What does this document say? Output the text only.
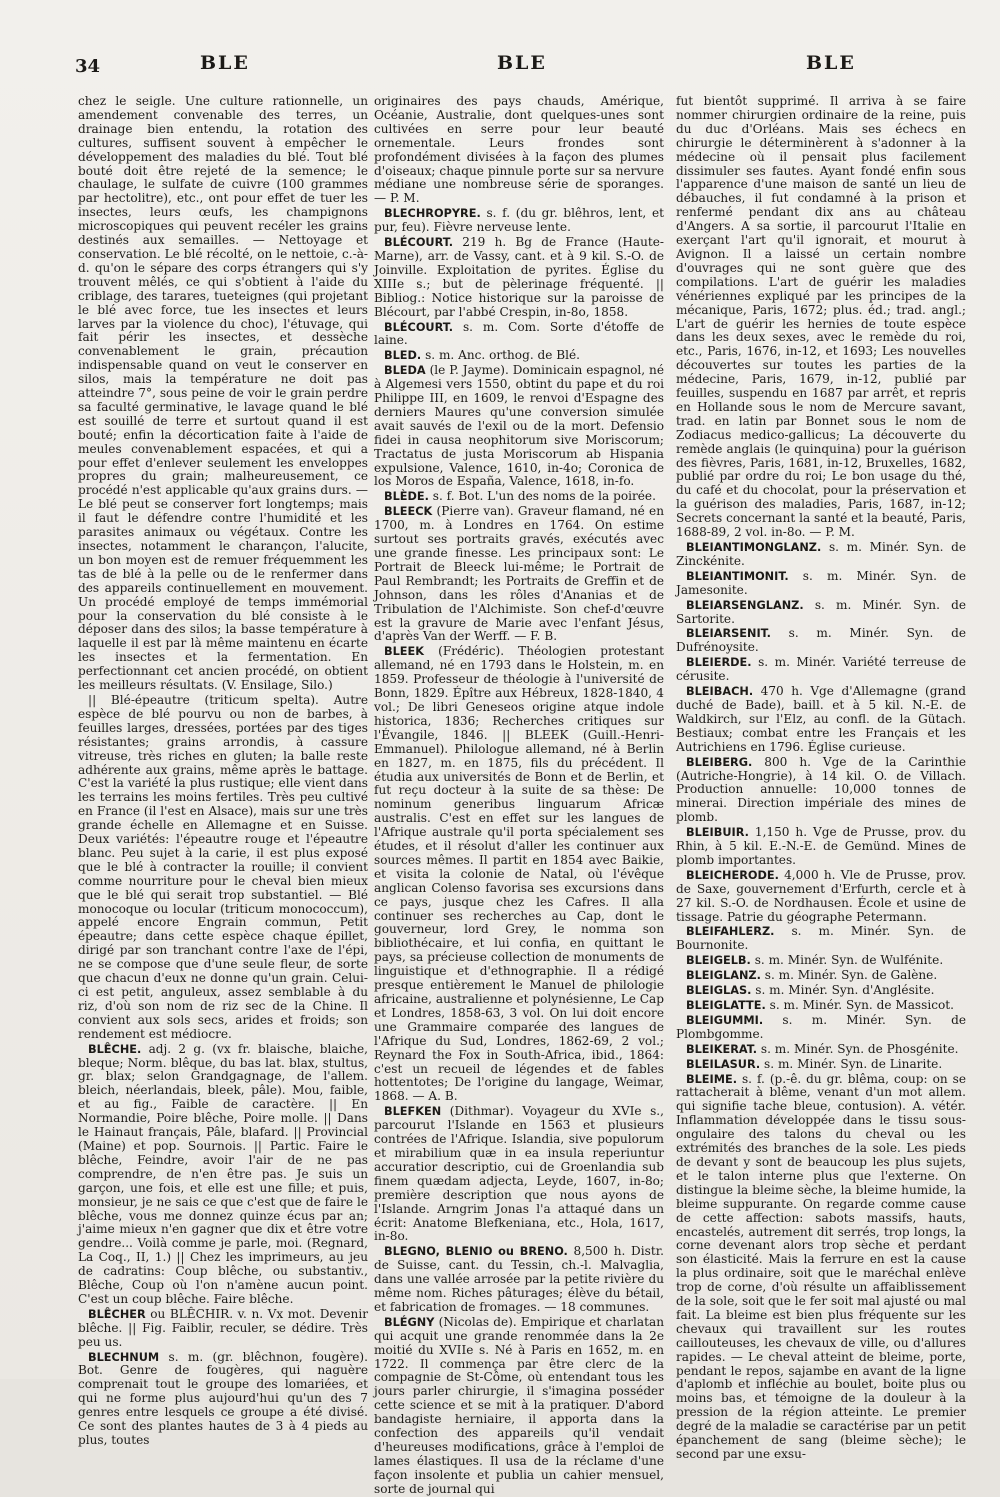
34	BLE	BLE	BLE

chez le seigle. Une culture rationnelle, un amendement convenable des terres, un drainage bien entendu, la rotation des cultures, suffisent souvent à empêcher le développement des maladies du blé. Tout blé bouté doit être rejeté de la semence; le chaulage, le sulfate de cuivre (100 grammes par hectolitre), etc., ont pour effet de tuer les insectes, leurs œufs, les champignons microscopiques qui peuvent recéler les grains destinés aux semailles. — Nettoyage et conservation. Le blé récolté, on le nettoie, c.-à-d. qu'on le sépare des corps étrangers qui s'y trouvent mêlés, ce qui s'obtient à l'aide du criblage, des tarares, tueteignes (qui projetant le blé avec force, tue les insectes et leurs larves par la violence du choc), l'étuvage, qui fait périr les insectes, et dessèche convenablement le grain, précaution indispensable quand on veut le conserver en silos, mais la température ne doit pas atteindre 7°, sous peine de voir le grain perdre sa faculté germinative, le lavage quand le blé est souillé de terre et surtout quand il est bouté; enfin la décortication faite à l'aide de meules convenablement espacées, et qui a pour effet d'enlever seulement les enveloppes propres du grain; malheureusement, ce procédé n'est applicable qu'aux grains durs. — Le blé peut se conserver fort longtemps; mais il faut le défendre contre l'humidité et les parasites animaux ou végétaux. Contre les insectes, notamment le charançon, l'alucite, un bon moyen est de remuer fréquemment les tas de blé à la pelle ou de le renfermer dans des appareils continuellement en mouvement. Un procédé employé de temps immémorial pour la conservation du blé consiste à le déposer dans des silos; la basse température à laquelle il est par là même maintenu en écarte les insectes et la fermentation. En perfectionnant cet ancien procédé, on obtient les meilleurs résultats. (V. Ensilage, Silo.)

|| Blé-épeautre (triticum spelta). Autre espèce de blé pourvu ou non de barbes, à feuilles larges, dressées, portées par des tiges résistantes; grains arrondis, à cassure vitreuse, très riches en gluten; la balle reste adhérente aux grains, même après le battage. C'est la variété la plus rustique; elle vient dans les terrains les moins fertiles. Très peu cultivé en France (il l'est en Alsace), mais sur une très grande échelle en Allemagne et en Suisse. Deux variétés: l'épeautre rouge et l'épeautre blanc. Peu sujet à la carie, il est plus exposé que le blé à contracter la rouille; il convient comme nourriture pour le cheval bien mieux que le blé qui serait trop substantiel. — Blé monocoque ou locular (triticum monococcum), appelé encore Engrain commun, Petit épeautre; dans cette espèce chaque épillet, dirigé par son tranchant contre l'axe de l'épi, ne se compose que d'une seule fleur, de sorte que chacun d'eux ne donne qu'un grain. Celui-ci est petit, anguleux, assez semblable à du riz, d'où son nom de riz sec de la Chine. Il convient aux sols secs, arides et froids; son rendement est médiocre.

BLÊCHE. adj. 2 g. (vx fr. blaische, blaiche, bleque; Norm. blêque, du bas lat. blax, stultus, gr. blax; selon Grandgagnage, de l'allem. bleich, néerlandais, bleek, pâle). Mou, faible, et au fig., Faible de caractère. || En Normandie, Poire blêche, Poire molle. || Dans le Hainaut français, Pâle, blafard. || Provincial (Maine) et pop. Sournois. || Partic. Faire le blêche, Feindre, avoir l'air de ne pas comprendre, de n'en être pas. Je suis un garçon, une fois, et elle est une fille; et puis, monsieur, je ne sais ce que c'est que de faire le blêche, vous me donnez quinze écus par an; j'aime mieux n'en gagner que dix et être votre gendre... Voilà comme je parle, moi. (Regnard, La Coq., II, 1.) || Chez les imprimeurs, au jeu de cadratins: Coup blêche, ou substantiv., Blêche, Coup où l'on n'amène aucun point. C'est un coup blêche. Faire blêche.

BLÊCHER ou BLÊCHIR. v. n. Vx mot. Devenir blêche. || Fig. Faiblir, reculer, se dédire. Très peu us.

BLECHNUM s. m. (gr. blêchnon, fougère). Bot. Genre de fougères, qui naguère comprenait tout le groupe des lomariées, et qui ne forme plus aujourd'hui qu'un des 7 genres entre lesquels ce groupe a été divisé. Ce sont des plantes hautes de 3 à 4 pieds au plus, toutes

originaires des pays chauds, Amérique, Océanie, Australie, dont quelques-unes sont cultivées en serre pour leur beauté ornementale. Leurs frondes sont profondément divisées à la façon des plumes d'oiseaux; chaque pinnule porte sur sa nervure médiane une nombreuse série de sporanges. — P. M.

BLECHROPYRE. s. f. (du gr. blêhros, lent, et pur, feu). Fièvre nerveuse lente.

BLÉCOURT. 219 h. Bg de France (Haute-Marne), arr. de Vassy, cant. et à 9 kil. S.-O. de Joinville. Exploitation de pyrites. Église du XIIIe s.; but de pèlerinage fréquenté. || Bibliog.: Notice historique sur la paroisse de Blécourt, par l'abbé Crespin, in-8o, 1858.

BLÉCOURT. s. m. Com. Sorte d'étoffe de laine.

BLED. s. m. Anc. orthog. de Blé.

BLEDA (le P. Jayme). Dominicain espagnol, né à Algemesi vers 1550, obtint du pape et du roi Philippe III, en 1609, le renvoi d'Espagne des derniers Maures qu'une conversion simulée avait sauvés de l'exil ou de la mort. Defensio fidei in causa neophitorum sive Moriscorum; Tractatus de justa Moriscorum ab Hispania expulsione, Valence, 1610, in-4o; Coronica de los Moros de España, Valence, 1618, in-fo.

BLÈDE. s. f. Bot. L'un des noms de la poirée.

BLEECK (Pierre van). Graveur flamand, né en 1700, m. à Londres en 1764. On estime surtout ses portraits gravés, exécutés avec une grande finesse. Les principaux sont: Le Portrait de Bleeck lui-même; le Portrait de Paul Rembrandt; les Portraits de Greffin et de Johnson, dans les rôles d'Ananias et de Tribulation de l'Alchimiste. Son chef-d'œuvre est la gravure de Marie avec l'enfant Jésus, d'après Van der Werff. — F. B.

BLEEK (Frédéric). Théologien protestant allemand, né en 1793 dans le Holstein, m. en 1859. Professeur de théologie à l'université de Bonn, 1829. Épître aux Hébreux, 1828-1840, 4 vol.; De libri Geneseos origine atque indole historica, 1836; Recherches critiques sur l'Évangile, 1846. || BLEEK (Guill.-Henri-Emmanuel). Philologue allemand, né à Berlin en 1827, m. en 1875, fils du précédent. Il étudia aux universités de Bonn et de Berlin, et fut reçu docteur à la suite de sa thèse: De nominum generibus linguarum Africæ australis. C'est en effet sur les langues de l'Afrique australe qu'il porta spécialement ses études, et il résolut d'aller les continuer aux sources mêmes. Il partit en 1854 avec Baikie, et visita la colonie de Natal, où l'évêque anglican Colenso favorisa ses excursions dans ce pays, jusque chez les Cafres. Il alla continuer ses recherches au Cap, dont le gouverneur, lord Grey, le nomma son bibliothécaire, et lui confia, en quittant le pays, sa précieuse collection de monuments de linguistique et d'ethnographie. Il a rédigé presque entièrement le Manuel de philologie africaine, australienne et polynésienne, Le Cap et Londres, 1858-63, 3 vol. On lui doit encore une Grammaire comparée des langues de l'Afrique du Sud, Londres, 1862-69, 2 vol.; Reynard the Fox in South-Africa, ibid., 1864: c'est un recueil de légendes et de fables hottentotes; De l'origine du langage, Weimar, 1868. — A. B.

BLEFKEN (Dithmar). Voyageur du XVIe s., parcourut l'Islande en 1563 et plusieurs contrées de l'Afrique. Islandia, sive populorum et mirabilium quæ in ea insula reperiuntur accuratior descriptio, cui de Groenlandia sub finem quædam adjecta, Leyde, 1607, in-8o; première description que nous ayons de l'Islande. Arngrim Jonas l'a attaqué dans un écrit: Anatome Blefkeniana, etc., Hola, 1617, in-8o.

BLEGNO, BLENIO ou BRENO. 8,500 h. Distr. de Suisse, cant. du Tessin, ch.-l. Malvaglia, dans une vallée arrosée par la petite rivière du même nom. Riches pâturages; élève du bétail, et fabrication de fromages. — 18 communes.

BLÉGNY (Nicolas de). Empirique et charlatan qui acquit une grande renommée dans la 2e moitié du XVIIe s. Né à Paris en 1652, m. en 1722. Il commença par être clerc de la compagnie de St-Côme, où entendant tous les jours parler chirurgie, il s'imagina posséder cette science et se mit à la pratiquer. D'abord bandagiste herniaire, il apporta dans la confection des appareils qu'il vendait d'heureuses modifications, grâce à l'emploi de lames élastiques. Il usa de la réclame d'une façon insolente et publia un cahier mensuel, sorte de journal qui

fut bientôt supprimé. Il arriva à se faire nommer chirurgien ordinaire de la reine, puis du duc d'Orléans. Mais ses échecs en chirurgie le déterminèrent à s'adonner à la médecine où il pensait plus facilement dissimuler ses fautes. Ayant fondé enfin sous l'apparence d'une maison de santé un lieu de débauches, il fut condamné à la prison et renfermé pendant dix ans au château d'Angers. A sa sortie, il parcourut l'Italie en exerçant l'art qu'il ignorait, et mourut à Avignon. Il a laissé un certain nombre d'ouvrages qui ne sont guère que des compilations. L'art de guérir les maladies vénériennes expliqué par les principes de la mécanique, Paris, 1672; plus. éd.; trad. angl.; L'art de guérir les hernies de toute espèce dans les deux sexes, avec le remède du roi, etc., Paris, 1676, in-12, et 1693; Les nouvelles découvertes sur toutes les parties de la médecine, Paris, 1679, in-12, publié par feuilles, suspendu en 1687 par arrêt, et repris en Hollande sous le nom de Mercure savant, trad. en latin par Bonnet sous le nom de Zodiacus medico-gallicus; La découverte du remède anglais (le quinquina) pour la guérison des fièvres, Paris, 1681, in-12, Bruxelles, 1682, publié par ordre du roi; Le bon usage du thé, du café et du chocolat, pour la préservation et la guérison des maladies, Paris, 1687, in-12; Secrets concernant la santé et la beauté, Paris, 1688-89, 2 vol. in-8o. — P. M.

BLEIANTIMONGLANZ. s. m. Minér. Syn. de Zinckénite.

BLEIANTIMONIT. s. m. Minér. Syn. de Jamesonite.

BLEIARSENGLANZ. s. m. Minér. Syn. de Sartorite.

BLEIARSENIT. s. m. Minér. Syn. de Dufrénoysite.

BLEIERDE. s. m. Minér. Variété terreuse de cérusite.

BLEIBACH. 470 h. Vge d'Allemagne (grand duché de Bade), baill. et à 5 kil. N.-E. de Waldkirch, sur l'Elz, au confl. de la Gütach. Bestiaux; combat entre les Français et les Autrichiens en 1796. Église curieuse.

BLEIBERG. 800 h. Vge de la Carinthie (Autriche-Hongrie), à 14 kil. O. de Villach. Production annuelle: 10,000 tonnes de minerai. Direction impériale des mines de plomb.

BLEIBUIR. 1,150 h. Vge de Prusse, prov. du Rhin, à 5 kil. E.-N.-E. de Gemünd. Mines de plomb importantes.

BLEICHERODE. 4,000 h. Vle de Prusse, prov. de Saxe, gouvernement d'Erfurth, cercle et à 27 kil. S.-O. de Nordhausen. École et usine de tissage. Patrie du géographe Petermann.

BLEIFAHLERZ. s. m. Minér. Syn. de Bournonite.

BLEIGELB. s. m. Minér. Syn. de Wulfénite.

BLEIGLANZ. s. m. Minér. Syn. de Galène.

BLEIGLAS. s. m. Minér. Syn. d'Anglésite.

BLEIGLATTE. s. m. Minér. Syn. de Massicot.

BLEIGUMMI. s. m. Minér. Syn. de Plombgomme.

BLEIKERAT. s. m. Minér. Syn. de Phosgénite.

BLEILASUR. s. m. Minér. Syn. de Linarite.

BLEIME. s. f. (p.-ê. du gr. blêma, coup: on se rattacherait à blême, venant d'un mot allem. qui signifie tache bleue, contusion). A. vétér. Inflammation développée dans le tissu sous-ongulaire des talons du cheval ou les extrémités des branches de la sole. Les pieds de devant y sont de beaucoup les plus sujets, et le talon interne plus que l'externe. On distingue la bleime sèche, la bleime humide, la bleime suppurante. On regarde comme cause de cette affection: sabots massifs, hauts, encastelés, autrement dit serrés, trop longs, la corne devenant alors trop sèche et perdant son élasticité. Mais la ferrure en est la cause la plus ordinaire, soit que le maréchal enlève trop de corne, d'où résulte un affaiblissement de la sole, soit que le fer soit mal ajusté ou mal fait. La bleime est bien plus fréquente sur les chevaux qui travaillent sur les routes caillouteuses, les chevaux de ville, ou d'allures rapides. — Le cheval atteint de bleime, porte, pendant le repos, sajambe en avant de la ligne d'aplomb et infléchie au boulet, boite plus ou moins bas, et témoigne de la douleur à la pression de la région atteinte. Le premier degré de la maladie se caractérise par un petit épanchement de sang (bleime sèche); le second par une exsu-
